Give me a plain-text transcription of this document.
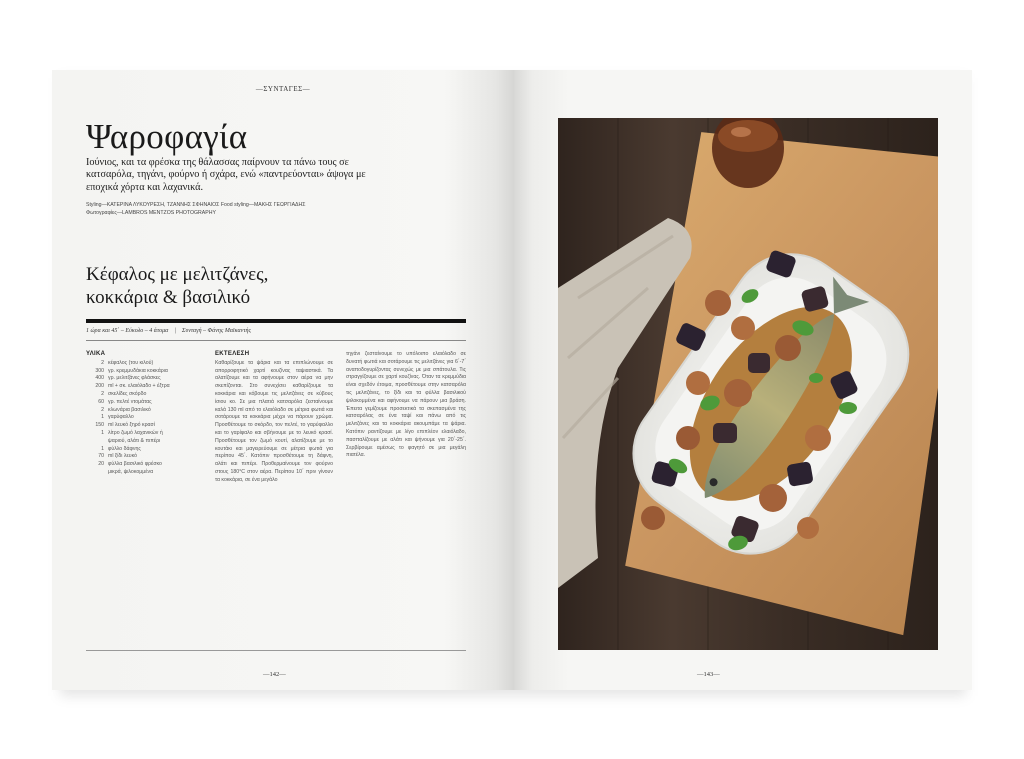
—ΣΥΝΤΑΓΕΣ—
Ψαροφαγία
Ιούνιος, και τα φρέσκα της θάλασσας παίρνουν τα πάνω τους σε κατσαρόλα, τηγάνι, φούρνο ή σχάρα, ενώ «παντρεύονται» άψογα με εποχικά χόρτα και λαχανικά.
Styling—ΚΑΤΕΡΙΝΑ ΛΥΚΟΥΡΕΣΗ, ΤΖΑΝΝΗΣ ΣΦΗΝΑΙΟΣ Food styling—ΜΑΚΗΣ ΓΕΩΡΓΙΑΔΗΣ
Φωτογραφίες—LAMBROS MENTZOS PHOTOGRAPHY
Κέφαλος με μελιτζάνες,
κοκκάρια & βασιλικό
1 ώρα και 45΄ – Εύκολο – 4 άτομα | Συνταγή – Φάνης Μαϊκαντής
ΥΛΙΚΑ
2 κέφαλος (του κιλού)
300 γρ. κρεμμυδάκια κοκκάρια
400 γρ. μελιτζάνες φλάσκες
200 ml + σκ. ελαιόλαδο + έξτρα
2 σκελίδες σκόρδο
60 γρ. πελτέ ντομάτας
2 κλωνάρια βασιλικό
1 γαρύφαλλο
150 ml λευκό ξηρό κρασί
1 λίτρο ζωμό λαχανικών ή
ψαριού, αλάτι & πιπέρι
1 φύλλο δάφνης
70 ml ξίδι λευκό
20 φύλλα βασιλικό φρέσκο
μικρά, ψιλοκομμένα
ΕΚΤΕΛΕΣΗ
Καθαρίζουμε τα ψάρια και τα επιπλώνουμε σε απορροφητικό χαρτί κουζίνας ταψιαστικά. Τα αλατίζουμε και τα αφήνουμε στον αέρα να μην σκεπίζονται. Στο συνεχίσει καθαρίζουμε τα κοκκάρια και κόβουμε τις μελιτζάνες σε κύβους ίσιου κο. Σε μια πλατιά κατσαρόλα ζεσταίνουμε καλά 130 ml από το ελαιόλαδο σε μέτρια φωτιά και σοτάρουμε τα κοκκάρια μέχρι να πάρουν χρώμα. Προσθέτουμε το σκόρδο, τον πελτέ, το γαρύφαλλο και το γαρίφαλο και σβήνουμε με το λευκό κρασί. Προσθέτουμε τον ζωμό κουτί, αλατίζουμε με το κουτάκι και μαγειρεύουμε σε μέτρια φωτιά για περίπου 45΄. Κατόπιν προσθέτουμε τη δάφνη, αλάτι και πιπέρι. Προθερμαίνουμε τον φούρνο στους 180°C στον αέρα. Περίπου 10΄ πριν γίνουν τα κοκκάρια, σε ένα μεγάλο
τηγάνι ζεσταίνουμε το υπόλοιπο ελαιόλαδο σε δυνατή φωτιά και σοτάρουμε τις μελιτζάνες για 6΄-7΄ αναποδογυρίζοντας συνεχώς με μια σπάτουλα. Τις στραγγίζουμε σε χαρτί κουζίνας. Όταν τα κρεμμύδια είναι σχεδόν έτοιμα, προσθέτουμε στην κατσαρόλα τις μελιτζάνες, το ξίδι και τα φύλλα βασιλικού ψιλοκομμένα και αφήνουμε να πάρουν μια βράση. Έπειτα γεμίζουμε προσεκτικά τα σκεπασμένα της κατσαρόλας σε ένα ταψί και πάνω από τις μελιτζάνες και τα κοκκάρια ακουμπάμε τα ψάρια. Κατόπιν ραντίζουμε με λίγο επιπλέον ελαιόλαδο, πασπαλίζουμε με αλάτι και ψήνουμε για 20΄-25΄. Σερβίρουμε αμέσως το φαγητό σε μια μεγάλη πιατέλα.
—142—	—143—
